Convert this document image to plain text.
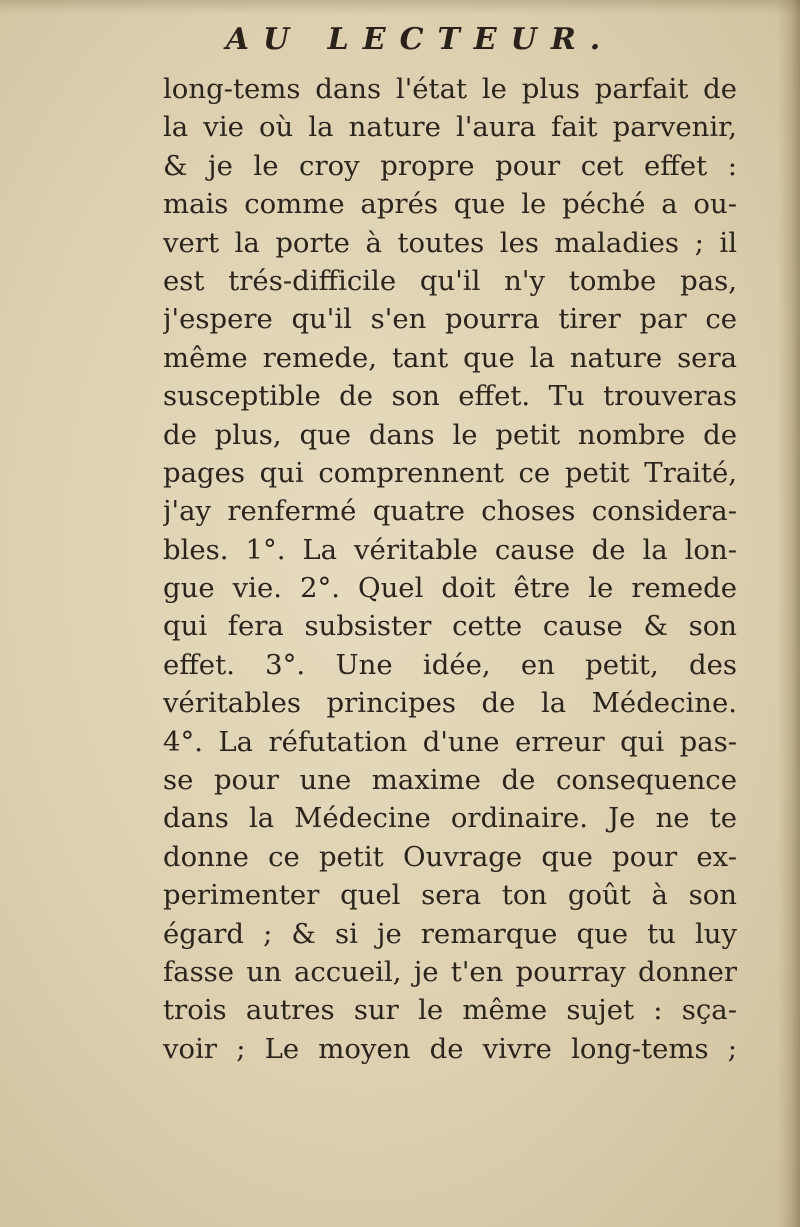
AU LECTEUR.
long-tems dans l'état le plus parfait de
la vie où la nature l'aura fait parvenir,
& je le croy propre pour cet effet :
mais comme aprés que le péché a ou-
vert la porte à toutes les maladies ; il
est trés-difficile qu'il n'y tombe pas,
j'espere qu'il s'en pourra tirer par ce
même remede, tant que la nature sera
susceptible de son effet. Tu trouveras
de plus, que dans le petit nombre de
pages qui comprennent ce petit Traité,
j'ay renfermé quatre choses considera-
bles. 1°. La véritable cause de la lon-
gue vie. 2°. Quel doit être le remede
qui fera subsister cette cause & son
effet. 3°. Une idée, en petit, des
véritables principes de la Médecine.
4°. La réfutation d'une erreur qui pas-
se pour une maxime de consequence
dans la Médecine ordinaire. Je ne te
donne ce petit Ouvrage que pour ex-
perimenter quel sera ton goût à son
égard ; & si je remarque que tu luy
fasse un accueil, je t'en pourray donner
trois autres sur le même sujet : sça-
voir ; Le moyen de vivre long-tems ;
